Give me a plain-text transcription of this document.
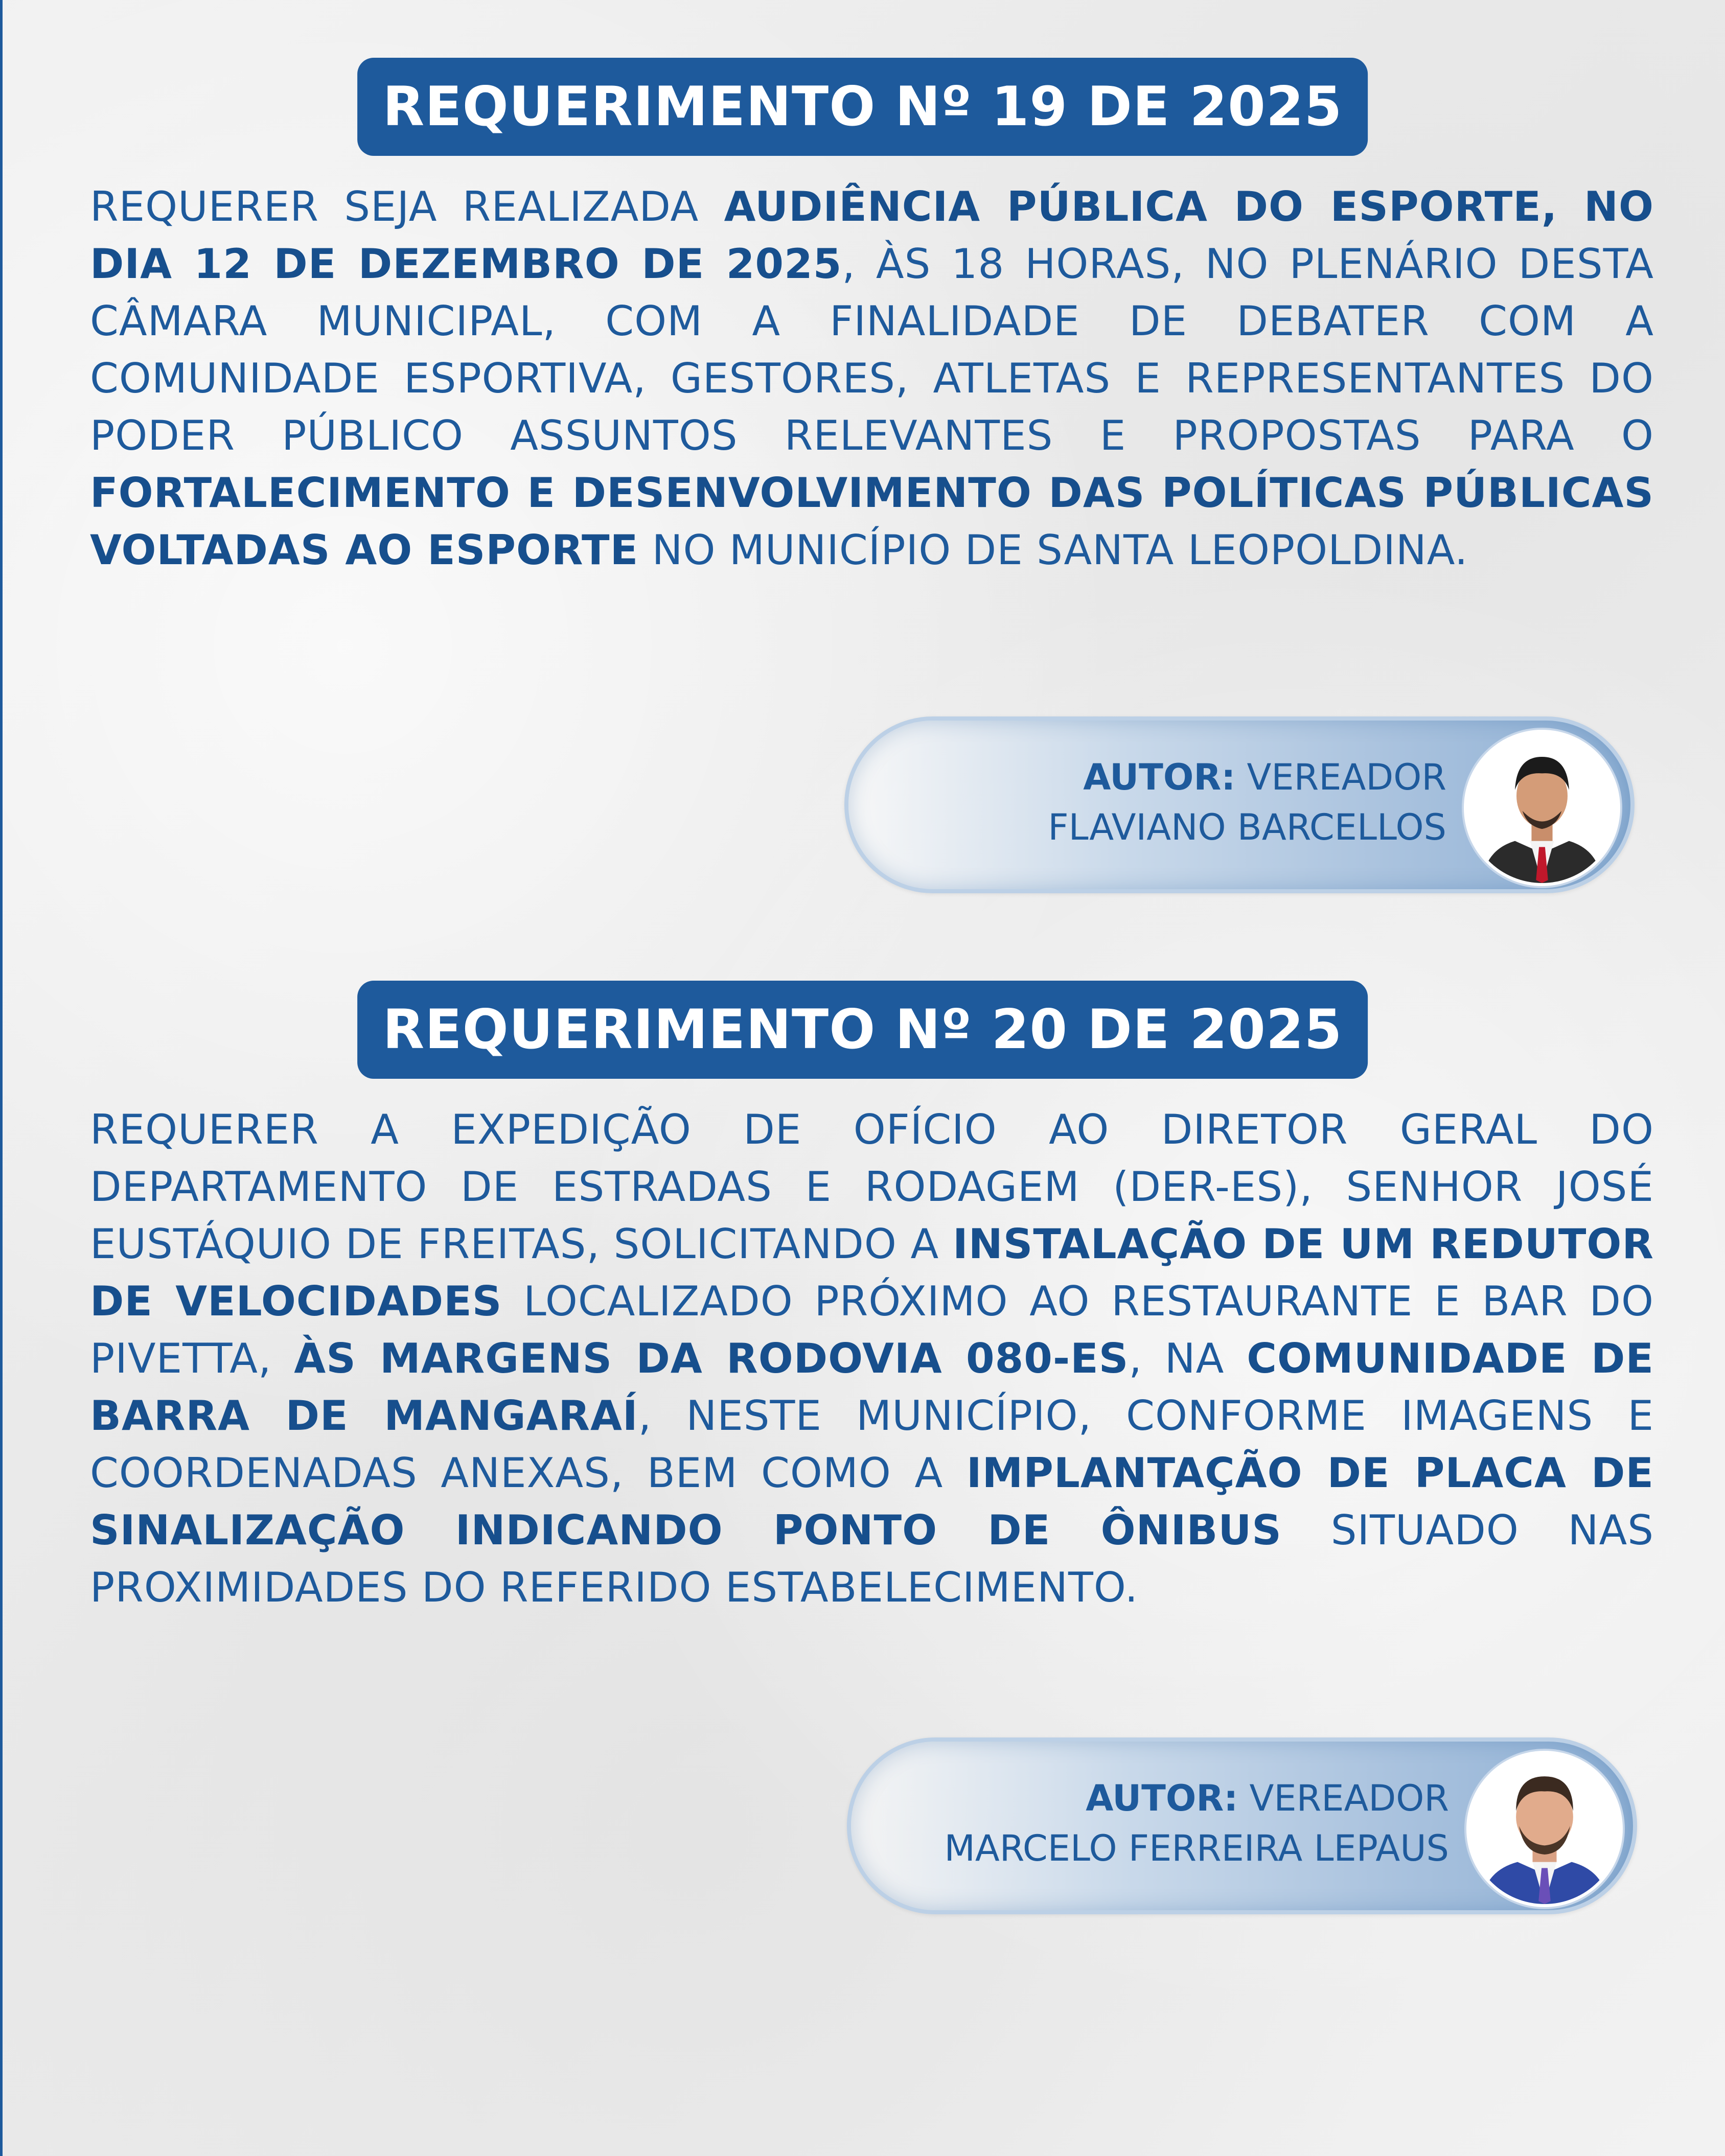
REQUERIMENTO Nº 19 DE 2025
REQUERER SEJA REALIZADA AUDIÊNCIA PÚBLICA DO ESPORTE, NO DIA 12 DE DEZEMBRO DE 2025, ÀS 18 HORAS, NO PLENÁRIO DESTA CÂMARA MUNICIPAL, COM A FINALIDADE DE DEBATER COM A COMUNIDADE ESPORTIVA, GESTORES, ATLETAS E REPRESENTANTES DO PODER PÚBLICO ASSUNTOS RELEVANTES E PROPOSTAS PARA O FORTALECIMENTO E DESENVOLVIMENTO DAS POLÍTICAS PÚBLICAS VOLTADAS AO ESPORTE NO MUNICÍPIO DE SANTA LEOPOLDINA.
AUTOR: VEREADOR
FLAVIANO BARCELLOS
REQUERIMENTO Nº 20 DE 2025
REQUERER A EXPEDIÇÃO DE OFÍCIO AO DIRETOR GERAL DO DEPARTAMENTO DE ESTRADAS E RODAGEM (DER-ES), SENHOR JOSÉ EUSTÁQUIO DE FREITAS, SOLICITANDO A INSTALAÇÃO DE UM REDUTOR DE VELOCIDADES LOCALIZADO PRÓXIMO AO RESTAURANTE E BAR DO PIVETTA, ÀS MARGENS DA RODOVIA 080-ES, NA COMUNIDADE DE BARRA DE MANGARAÍ, NESTE MUNICÍPIO, CONFORME IMAGENS E COORDENADAS ANEXAS, BEM COMO A IMPLANTAÇÃO DE PLACA DE SINALIZAÇÃO INDICANDO PONTO DE ÔNIBUS SITUADO NAS PROXIMIDADES DO REFERIDO ESTABELECIMENTO.
AUTOR: VEREADOR
MARCELO FERREIRA LEPAUS
